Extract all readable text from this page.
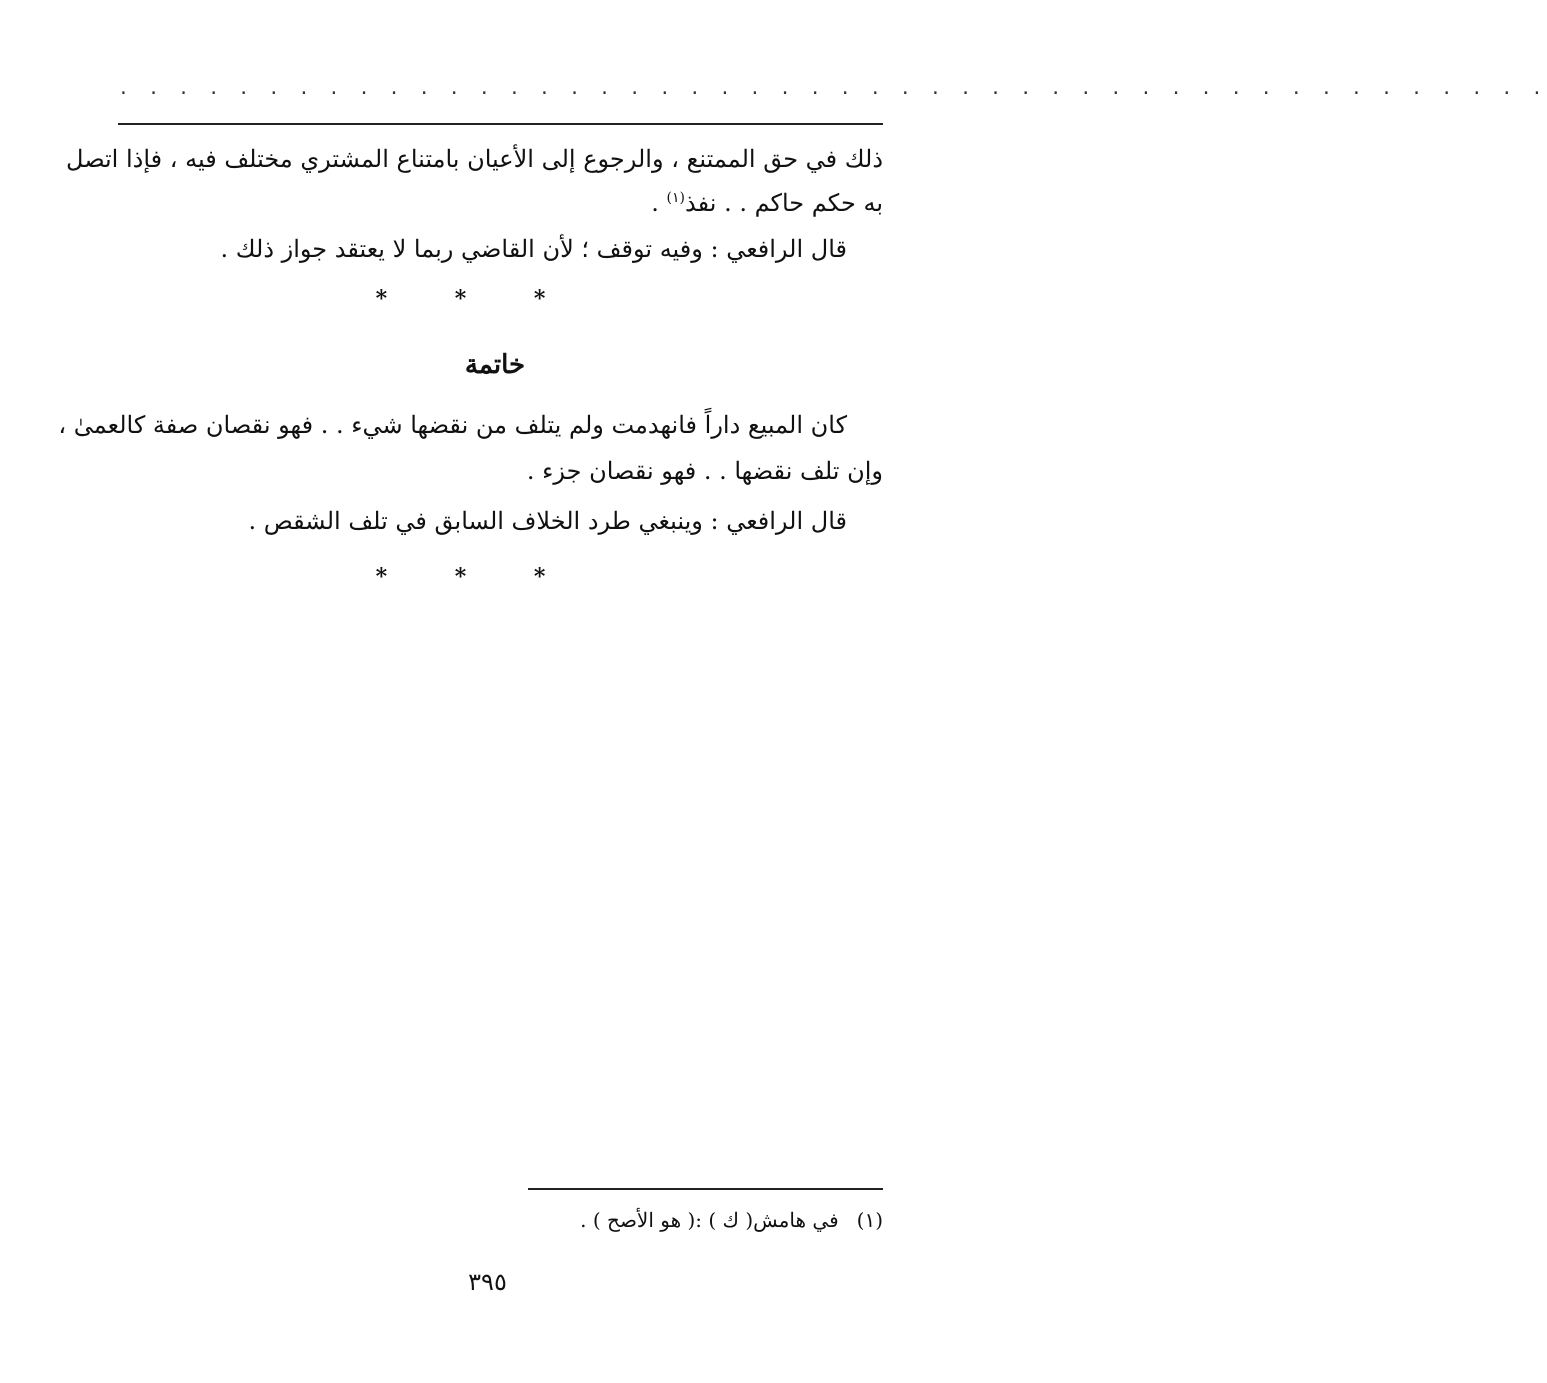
. . . . . . . . . . . . . . . . . . . . . . . . . . . . . . . . . . . . . . . . . . . . . . . .
ذلك في حق الممتنع ، والرجوع إلى الأعيان بامتناع المشتري مختلف فيه ، فإذا اتصل
به حكم حاكم . . نفذ$^{(١)}$ .
قال الرافعي : وفيه توقف ؛ لأن القاضي ربما لا يعتقد جواز ذلك .
* * *
خاتمة
كان المبيع داراً فانهدمت ولم يتلف من نقضها شيء . . فهو نقصان صفة كالعمىٰ ،
وإن تلف نقضها . . فهو نقصان جزء .
قال الرافعي : وينبغي طرد الخلاف السابق في تلف الشقص .
* * *
(١)في هامش( ك ) :( هو الأصح ) .
٣٩٥
